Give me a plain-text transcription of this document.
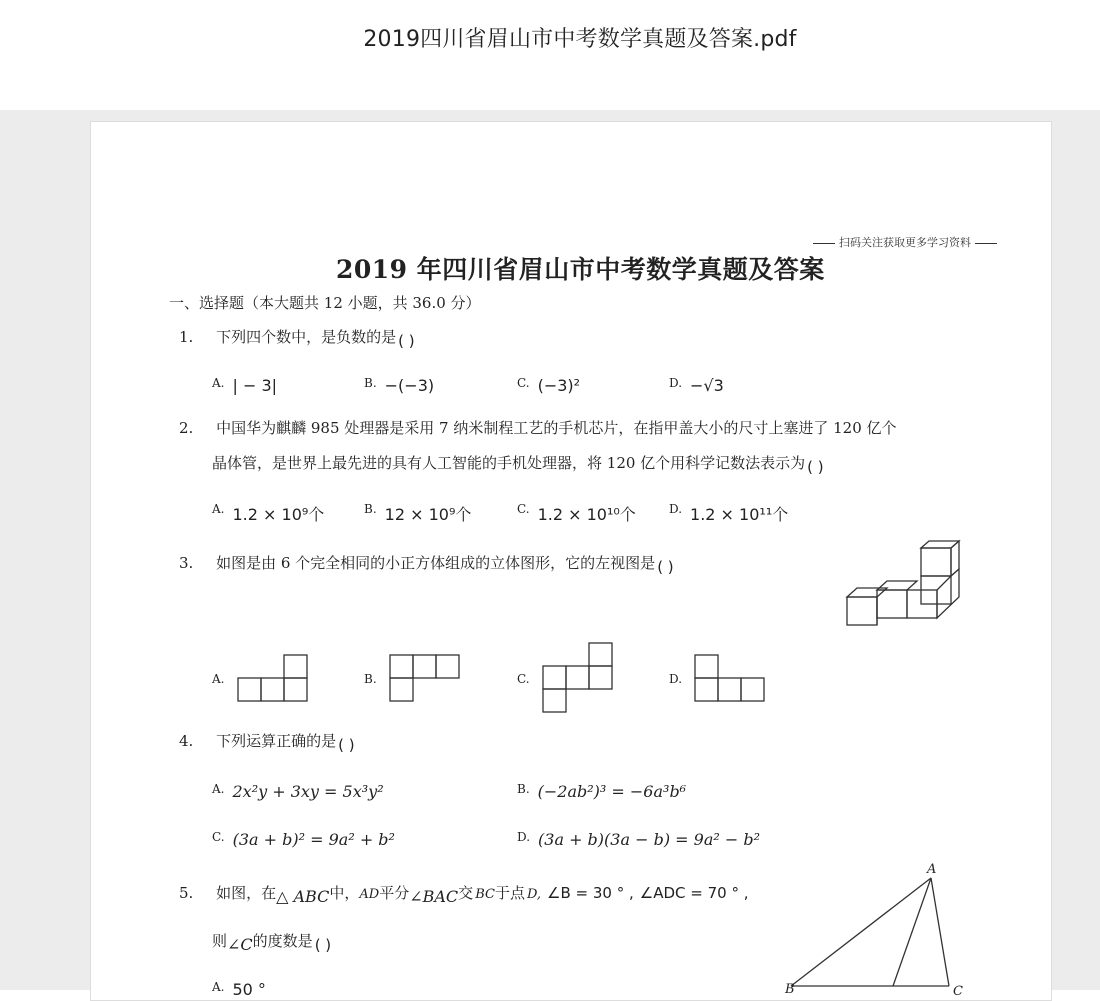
2019四川省眉山市中考数学真题及答案.pdf
扫码关注获取更多学习资料
2019 年四川省眉山市中考数学真题及答案
一、选择题（本大题共 12 小题，共 36.0 分）
1. 下列四个数中，是负数的是 ( )
$^{A.}$ | − 3|	$^{B.}$ −(−3)	$^{C.}$ (−3)²	$^{D.}$ −√3
2. 中国华为麒麟 985 处理器是采用 7 纳米制程工艺的手机芯片，在指甲盖大小的尺寸上塞进了 120 亿个
晶体管，是世界上最先进的具有人工智能的手机处理器，将 120 亿个用科学记数法表示为 ( )
$^{A.}$ 1.2 × 10⁹个	$^{B.}$ 12 × 10⁹个	$^{C.}$ 1.2 × 10¹⁰个	$^{D.}$ 1.2 × 10¹¹个
3. 如图是由 6 个完全相同的小正方体组成的立体图形，它的左视图是 ( )
$^{A.}$	$^{B.}$	$^{C.}$	$^{D.}$
4. 下列运算正确的是 ( )
$^{A.}$ 2x²y + 3xy = 5x³y²	$^{B.}$ (−2ab²)³ = −6a³b⁶
$^{C.}$ (3a + b)² = 9a² + b²	$^{D.}$ (3a + b)(3a − b) = 9a² − b²
5. 如图，在△ ABC中，AD平分∠BAC交 BC于点 D, ∠B = 30 ° , ∠ADC = 70 ° ,
则∠C的度数是 ( )
$^{A.}$ 50 °
A
B	C
